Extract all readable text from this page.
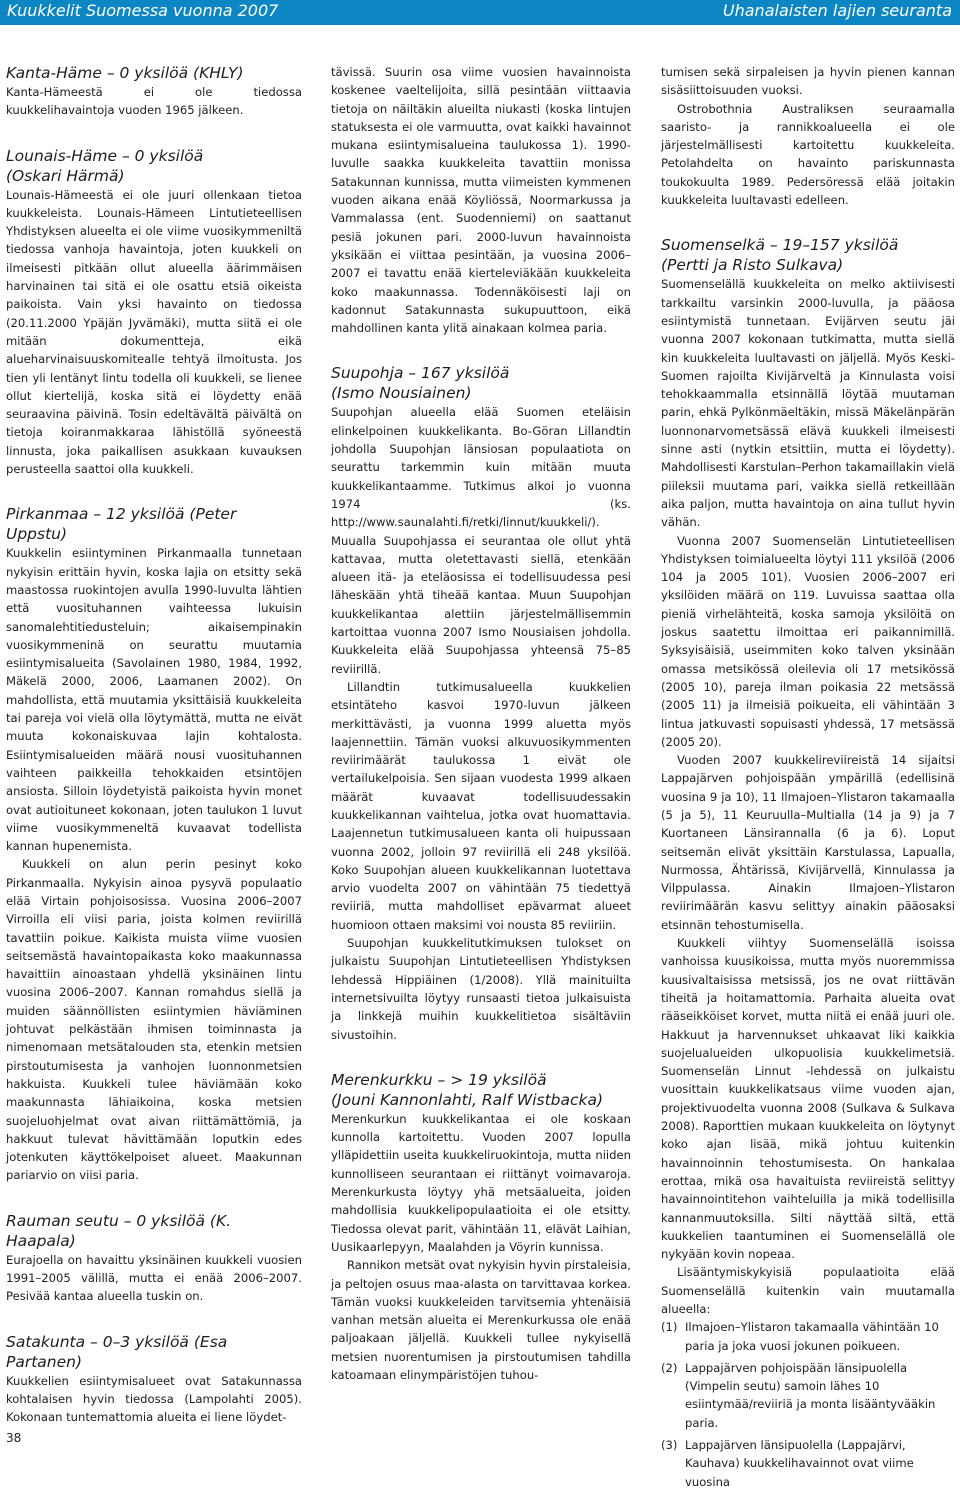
Kuukkelit Suomessa vuonna 2007	Uhanalaisten lajien seuranta
Kanta-Häme – 0 yksilöä (KHLY)

Kanta-Hämeestä ei ole tiedossa kuukkelihavaintoja vuoden 1965 jälkeen.

Lounais-Häme – 0 yksilöä
(Oskari Härmä)

Lounais-Hämeestä ei ole juuri ollenkaan tietoa kuukkeleista. Lounais-Hämeen Lintutieteellisen Yhdistyksen alueelta ei ole viime vuosikymmeniltä tiedossa vanhoja havaintoja, joten kuukkeli on ilmeisesti pitkään ollut alueella äärimmäisen harvinainen tai sitä ei ole osattu etsiä oikeista paikoista. Vain yksi havainto on tiedossa (20.11.2000 Ypäjän Jyvämäki), mutta siitä ei ole mitään dokumentteja, eikä alueharvinaisuuskomitealle tehtyä ilmoitusta. Jos tien yli lentänyt lintu todella oli kuukkeli, se lienee ollut kiertelijä, koska sitä ei löydetty enää seuraavina päivinä. Tosin edeltävältä päivältä on tietoja koiranmakkaraa lähistöllä syöneestä linnusta, joka paikallisen asukkaan kuvauksen perusteella saattoi olla kuukkeli.

Pirkanmaa – 12 yksilöä (Peter Uppstu)

Kuukkelin esiintyminen Pirkanmaalla tunnetaan nykyisin erittäin hyvin, koska lajia on etsitty sekä maastossa ruokintojen avulla 1990-luvulta lähtien että vuosituhannen vaihteessa lukuisin sanomalehtitiedusteluin; aikaisempinakin vuosikymmeninä on seurattu muutamia esiintymisalueita (Savolainen 1980, 1984, 1992, Mäkelä 2000, 2006, Laamanen 2002). On mahdollista, että muutamia yksittäisiä kuukkeleita tai pareja voi vielä olla löytymättä, mutta ne eivät muuta kokonaiskuvaa lajin kohtalosta. Esiintymisalueiden määrä nousi vuosituhannen vaihteen paikkeilla tehokkaiden etsintöjen ansiosta. Silloin löydetyistä paikoista hyvin monet ovat autioituneet kokonaan, joten taulukon 1 luvut viime vuosikymmeneltä kuvaavat todellista kannan hupenemista.

Kuukkeli on alun perin pesinyt koko Pirkanmaalla. Nykyisin ainoa pysyvä populaatio elää Virtain pohjoisosissa. Vuosina 2006–2007 Virroilla eli viisi paria, joista kolmen reviirillä tavattiin poikue. Kaikista muista viime vuosien seitsemästä havaintopaikasta koko maakunnassa havaittiin ainoastaan yhdellä yksinäinen lintu vuosina 2006–2007. Kannan romahdus siellä ja muiden säännöllisten esiintymien häviäminen johtuvat pelkästään ihmisen toiminnasta ja nimenomaan metsätalouden sta, etenkin metsien pirstoutumisesta ja vanhojen luonnonmetsien hakkuista. Kuukkeli tulee häviämään koko maakunnasta lähiaikoina, koska metsien suojeluohjelmat ovat aivan riittämättömiä, ja hakkuut tulevat hävittämään loputkin edes jotenkuten käyttökelpoiset alueet. Maakunnan pariarvio on viisi paria.

Rauman seutu – 0 yksilöä (K. Haapala)

Eurajoella on havaittu yksinäinen kuukkeli vuosien 1991–2005 välillä, mutta ei enää 2006–2007. Pesivää kantaa alueella tuskin on.

Satakunta – 0–3 yksilöä (Esa Partanen)

Kuukkelien esiintymisalueet ovat Satakunnassa kohtalaisen hyvin tiedossa (Lampolahti 2005). Kokonaan tuntemattomia alueita ei liene löydet-

tävissä. Suurin osa viime vuosien havainnoista koskenee vaeltelijoita, sillä pesintään viittaavia tietoja on näiltäkin alueilta niukasti (koska lintujen statuksesta ei ole varmuutta, ovat kaikki havainnot mukana esiintymisalueina taulukossa 1). 1990-luvulle saakka kuukkeleita tavattiin monissa Satakunnan kunnissa, mutta viimeisten kymmenen vuoden aikana enää Köyliössä, Noormarkussa ja Vammalassa (ent. Suodenniemi) on saattanut pesiä jokunen pari. 2000-luvun havainnoista yksikään ei viittaa pesintään, ja vuosina 2006–2007 ei tavattu enää kierteleviäkään kuukkeleita koko maakunnassa. Todennäköisesti laji on kadonnut Satakunnasta sukupuuttoon, eikä mahdollinen kanta ylitä ainakaan kolmea paria.

Suupohja – 167 yksilöä
(Ismo Nousiainen)

Suupohjan alueella elää Suomen eteläisin elinkelpoinen kuukkelikanta. Bo-Göran Lillandtin johdolla Suupohjan länsiosan populaatiota on seurattu tarkemmin kuin mitään muuta kuukkelikantaamme. Tutkimus alkoi jo vuonna 1974 (ks. http://www.saunalahti.fi/retki/linnut/kuukkeli/). Muualla Suupohjassa ei seurantaa ole ollut yhtä kattavaa, mutta oletettavasti siellä, etenkään alueen itä- ja eteläosissa ei todellisuudessa pesi läheskään yhtä tiheää kantaa. Muun Suupohjan kuukkelikantaa alettiin järjestelmällisemmin kartoittaa vuonna 2007 Ismo Nousiaisen johdolla. Kuukkeleita elää Suupohjassa yhteensä 75–85 reviirillä.

Lillandtin tutkimusalueella kuukkelien etsintäteho kasvoi 1970-luvun jälkeen merkittävästi, ja vuonna 1999 aluetta myös laajennettiin. Tämän vuoksi alkuvuosikymmenten reviirimäärät taulukossa 1 eivät ole vertailukelpoisia. Sen sijaan vuodesta 1999 alkaen määrät kuvaavat todellisuudessakin kuukkelikannan vaihtelua, jotka ovat huomattavia. Laajennetun tutkimusalueen kanta oli huipussaan vuonna 2002, jolloin 97 reviirillä eli 248 yksilöä. Koko Suupohjan alueen kuukkelikannan luotettava arvio vuodelta 2007 on vähintään 75 tiedettyä reviiriä, mutta mahdolliset epävarmat alueet huomioon ottaen maksimi voi nousta 85 reviiriin.

Suupohjan kuukkelitutkimuksen tulokset on julkaistu Suupohjan Lintutieteellisen Yhdistyksen lehdessä Hippiäinen (1/2008). Yllä mainituilta internetsivuilta löytyy runsaasti tietoa julkaisuista ja linkkejä muihin kuukkelitietoa sisältäviin sivustoihin.

Merenkurkku – > 19 yksilöä
(Jouni Kannonlahti, Ralf Wistbacka)

Merenkurkun kuukkelikantaa ei ole koskaan kunnolla kartoitettu. Vuoden 2007 lopulla ylläpidettiin useita kuukkeliruokintoja, mutta niiden kunnolliseen seurantaan ei riittänyt voimavaroja. Merenkurkusta löytyy yhä metsäalueita, joiden mahdollisia kuukkelipopulaatioita ei ole etsitty. Tiedossa olevat parit, vähintään 11, elävät Laihian, Uusikaarlepyyn, Maalahden ja Vöyrin kunnissa.

Rannikon metsät ovat nykyisin hyvin pirstaleisia, ja peltojen osuus maa-alasta on tarvittavaa korkea. Tämän vuoksi kuukkeleiden tarvitsemia yhtenäisiä vanhan metsän alueita ei Merenkurkussa ole enää paljoakaan jäljellä. Kuukkeli tullee nykyisellä metsien nuorentumisen ja pirstoutumisen tahdilla katoamaan elinympäristöjen tuhou-

tumisen sekä sirpaleisen ja hyvin pienen kannan sisäsiittoisuuden vuoksi.

Ostrobothnia Australiksen seuraamalla saaristo- ja rannikkoalueella ei ole järjestelmällisesti kartoitettu kuukkeleita. Petolahdelta on havainto pariskunnasta toukokuulta 1989. Pedersöressä elää joitakin kuukkeleita luultavasti edelleen.

Suomenselkä – 19–157 yksilöä
(Pertti ja Risto Sulkava)

Suomenselällä kuukkeleita on melko aktiivisesti tarkkailtu varsinkin 2000-luvulla, ja pääosa esiintymistä tunnetaan. Evijärven seutu jäi vuonna 2007 kokonaan tutkimatta, mutta siellä kin kuukkeleita luultavasti on jäljellä. Myös Keski-Suomen rajoilta Kivijärveltä ja Kinnulasta voisi tehokkaammalla etsinnällä löytää muutaman parin, ehkä Pylkönmäeltäkin, missä Mäkelänpärän luonnonarvometsässä elävä kuukkeli ilmeisesti sinne asti (nytkin etsittiin, mutta ei löydetty). Mahdollisesti Karstulan–Perhon takamaillakin vielä piileksii muutama pari, vaikka siellä retkeillään aika paljon, mutta havaintoja on aina tullut hyvin vähän.

Vuonna 2007 Suomenselän Lintutieteellisen Yhdistyksen toimialueelta löytyi 111 yksilöä (2006 104 ja 2005 101). Vuosien 2006–2007 eri yksilöiden määrä on 119. Luvuissa saattaa olla pieniä virhelähteitä, koska samoja yksilöitä on joskus saatettu ilmoittaa eri paikannimillä. Syksyisäisiä, useimmiten koko talven yksinään omassa metsikössä oleilevia oli 17 metsikössä (2005 10), pareja ilman poikasia 22 metsässä (2005 11) ja ilmeisiä poikueita, eli vähintään 3 lintua jatkuvasti sopuisasti yhdessä, 17 metsässä (2005 20).

Vuoden 2007 kuukkelireviireistä 14 sijaitsi Lappajärven pohjoispään ympärillä (edellisinä vuosina 9 ja 10), 11 Ilmajoen–Ylistaron takamaalla (5 ja 5), 11 Keuruulla–Multialla (14 ja 9) ja 7 Kuortaneen Länsirannalla (6 ja 6). Loput seitsemän elivät yksittäin Karstulassa, Lapualla, Nurmossa, Ähtärissä, Kivijärvellä, Kinnulassa ja Vilppulassa. Ainakin Ilmajoen–Ylistaron reviirimäärän kasvu selittyy ainakin pääosaksi etsinnän tehostumisella.

Kuukkeli viihtyy Suomenselällä isoissa vanhoissa kuusikoissa, mutta myös nuoremmissa kuusivaltaisissa metsissä, jos ne ovat riittävän tiheitä ja hoitamattomia. Parhaita alueita ovat rääseikköiset korvet, mutta niitä ei enää juuri ole. Hakkuut ja harvennukset uhkaavat liki kaikkia suojelualueiden ulkopuolisia kuukkelimetsiä. Suomenselän Linnut -lehdessä on julkaistu vuosittain kuukkelikatsaus viime vuoden ajan, projektivuodelta vuonna 2008 (Sulkava & Sulkava 2008). Raporttien mukaan kuukkeleita on löytynyt koko ajan lisää, mikä johtuu kuitenkin havainnoinnin tehostumisesta. On hankalaa erottaa, mikä osa havaituista reviireistä selittyy havainnointitehon vaihteluilla ja mikä todellisilla kannanmuutoksilla. Silti näyttää siltä, että kuukkelien taantuminen ei Suomenselällä ole nykyään kovin nopeaa.

Lisääntymiskykyisiä populaatioita elää Suomenselällä kuitenkin vain muutamalla alueella:

(1) Ilmajoen–Ylistaron takamaalla vähintään 10 paria ja joka vuosi jokunen poikueen.
(2) Lappajärven pohjoispään länsipuolella (Vimpelin seutu) samoin lähes 10 esiintymää/reviiriä ja monta lisääntyvääkin paria.
(3) Lappajärven länsipuolella (Lappajärvi, Kauhava) kuukkelihavainnot ovat viime vuosina
38
